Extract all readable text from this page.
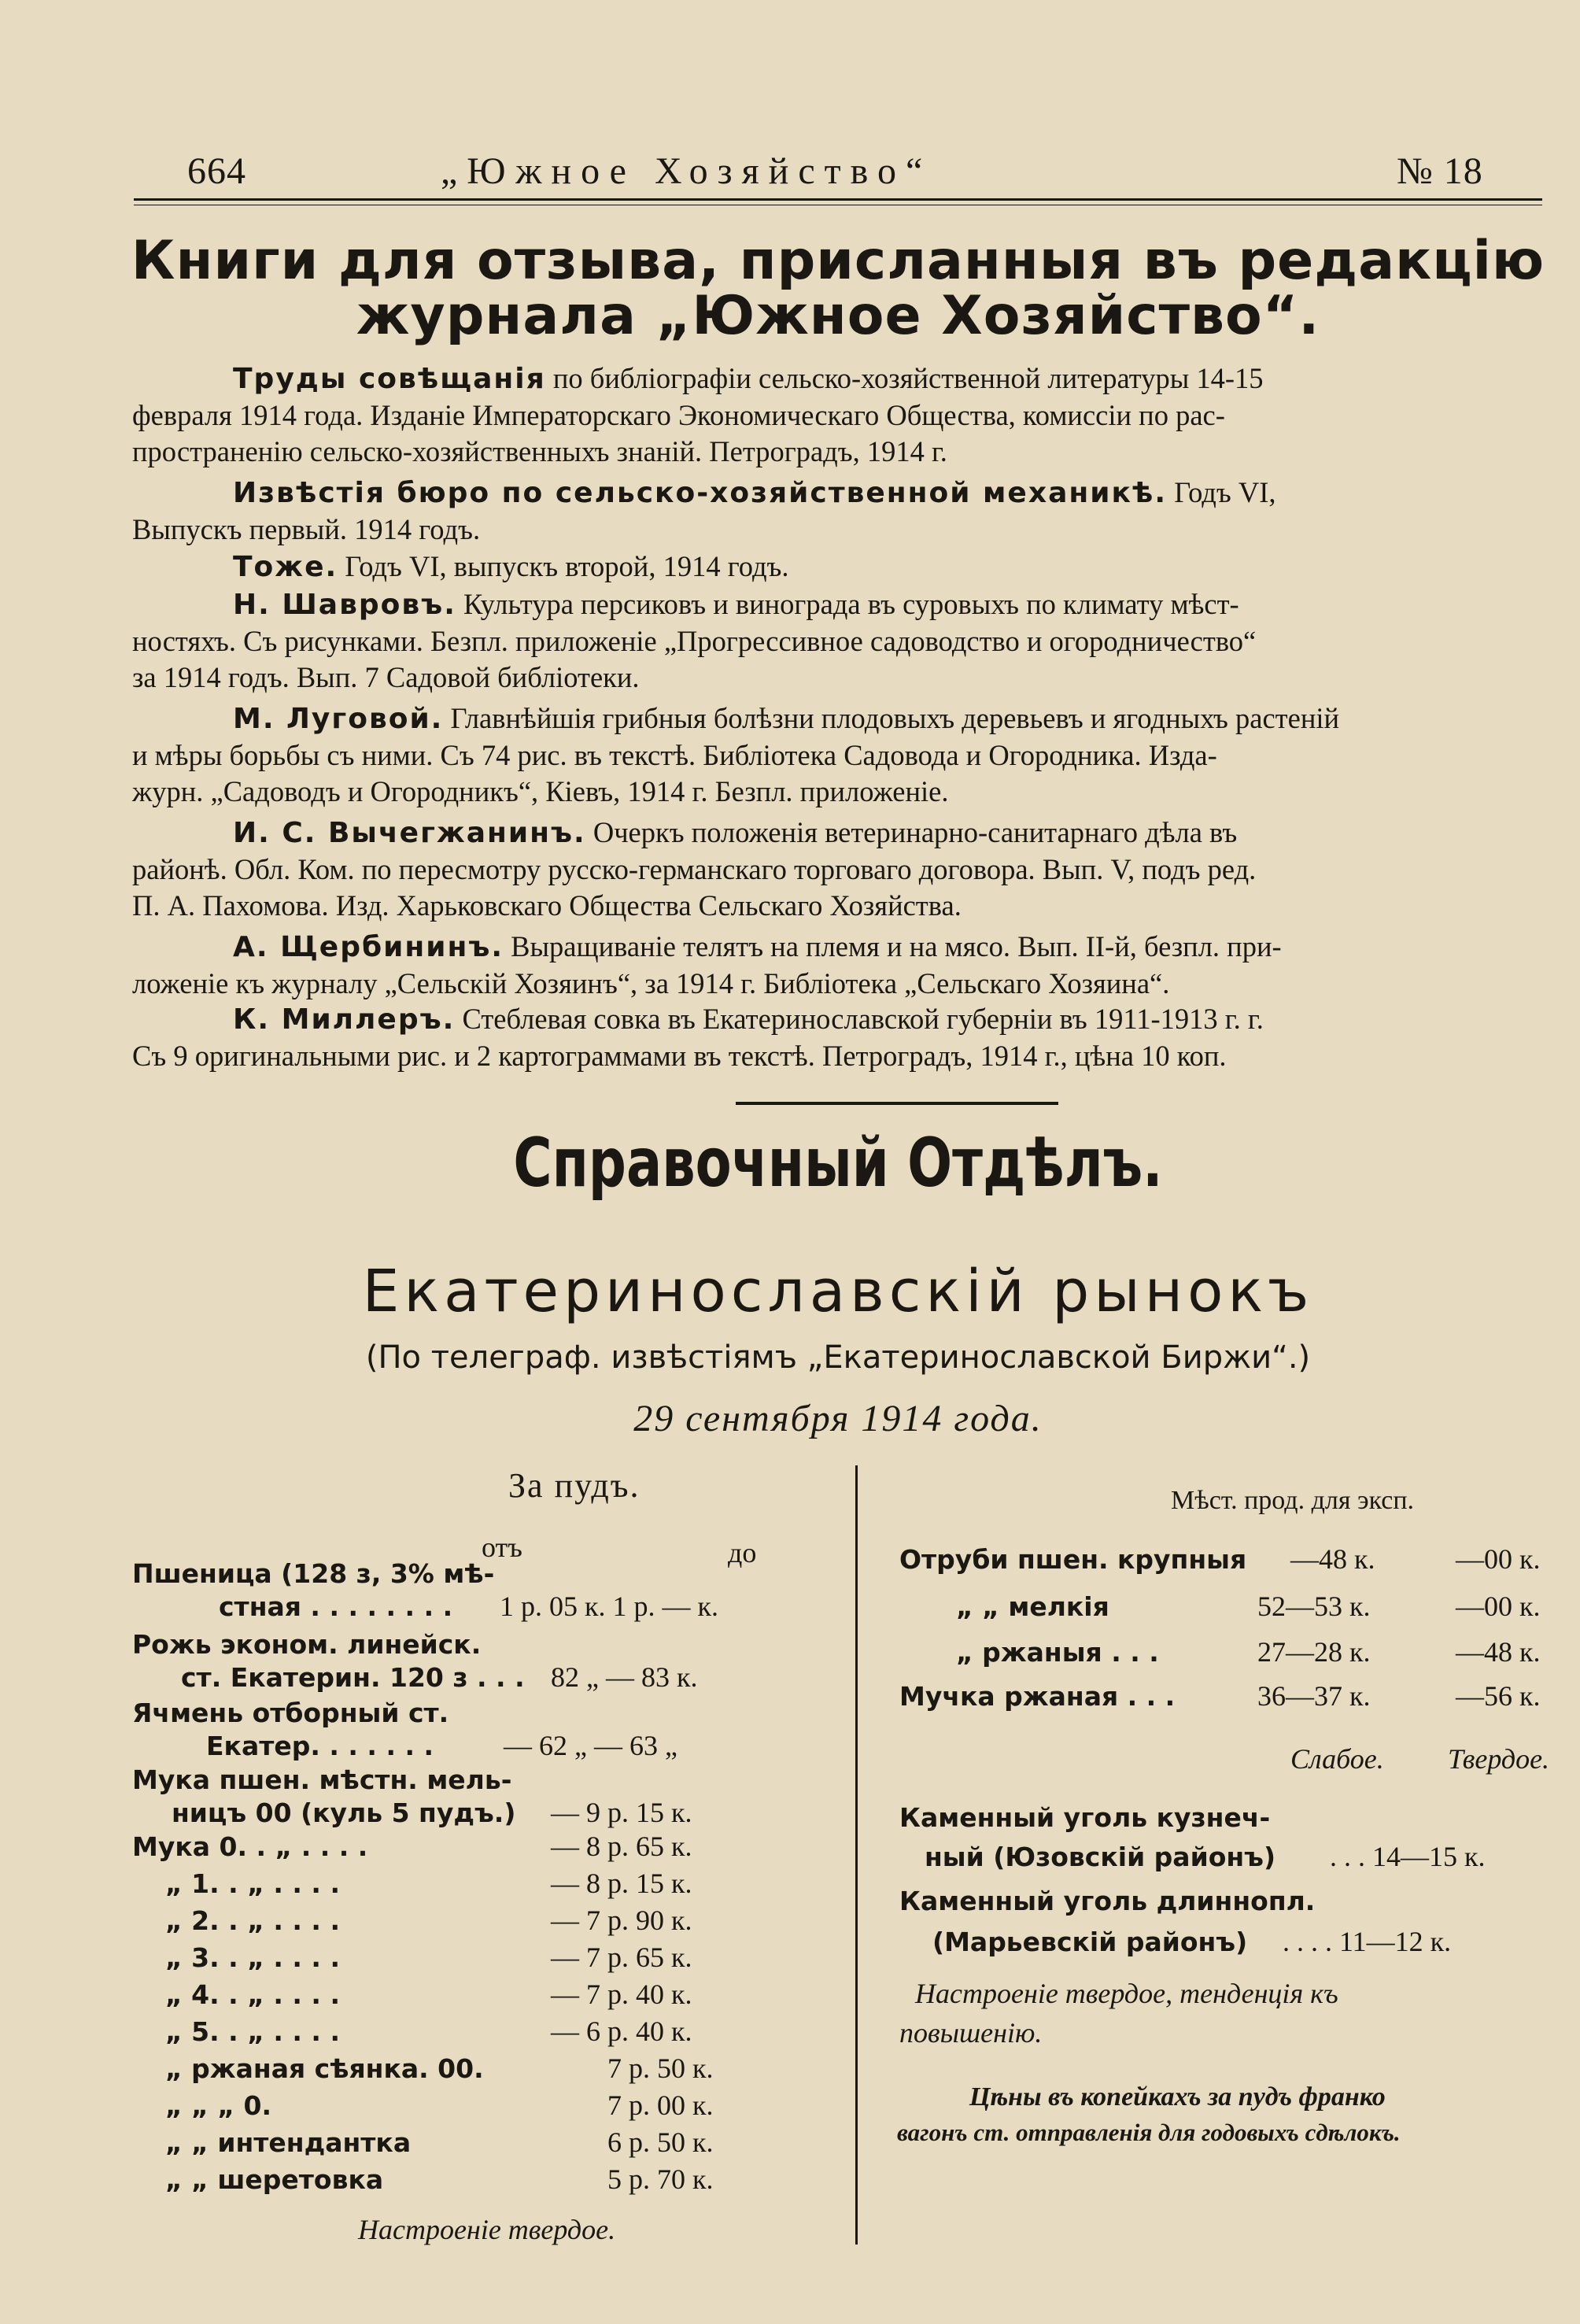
664	„Южное Хозяйство“	№ 18
Книги для отзыва, присланныя въ редакцію
журнала „Южное Хозяйство“.
Труды совѣщанія по библіографіи сельско-хозяйственной литературы 14-15
февраля 1914 года. Изданіе Императорскаго Экономическаго Общества, комиссіи по рас-
пространенію сельско-хозяйственныхъ знаній. Петроградъ, 1914 г.
Извѣстія бюро по сельско-хозяйственной механикѣ. Годъ VI,
Выпускъ первый. 1914 годъ.
Тоже. Годъ VI, выпускъ второй, 1914 годъ.
Н. Шавровъ. Культура персиковъ и винограда въ суровыхъ по климату мѣст-
ностяхъ. Съ рисунками. Безпл. приложеніе „Прогрессивное садоводство и огородничество“
за 1914 годъ. Вып. 7 Садовой библіотеки.
М. Луговой. Главнѣйшія грибныя болѣзни плодовыхъ деревьевъ и ягодныхъ растеній
и мѣры борьбы съ ними. Съ 74 рис. въ текстѣ. Библіотека Садовода и Огородника. Изда-
журн. „Садоводъ и Огородникъ“, Кіевъ, 1914 г. Безпл. приложеніе.
И. С. Вычегжанинъ. Очеркъ положенія ветеринарно-санитарнаго дѣла въ
районѣ. Обл. Ком. по пересмотру русско-германскаго торговаго договора. Вып. V, подъ ред.
П. А. Пахомова. Изд. Харьковскаго Общества Сельскаго Хозяйства.
А. Щербининъ. Выращиваніе телятъ на племя и на мясо. Вып. II-й, безпл. при-
ложеніе къ журналу „Сельскій Хозяинъ“, за 1914 г. Библіотека „Сельскаго Хозяина“.
К. Миллеръ. Стеблевая совка въ Екатеринославской губерніи въ 1911-1913 г. г.
Съ 9 оригинальными рис. и 2 картограммами въ текстѣ. Петроградъ, 1914 г., цѣна 10 коп.
Справочный Отдѣлъ.
Екатеринославскій рынокъ
(По телеграф. извѣстіямъ „Екатеринославской Биржи“.)
29 сентября 1914 года.
За пудъ.
отъ	до
Пшеница (128 з, 3% мѣ-
стная . . . . . . . . 1 р. 05 к. 1 р. — к.
Рожь эконом. линейск.
ст. Екатерин. 120 з . . . 82 „ — 83 к.
Ячмень отборный ст.
Екатер. . . . . . . — 62 „ — 63 „
Мука пшен. мѣстн. мель-
ницъ 00 (куль 5 пудъ.) — 9 р. 15 к.
Мука 0. . „ . . . .	— 8 р. 65 к.
„ 1. . „ . . . .	— 8 р. 15 к.
„ 2. . „ . . . .	— 7 р. 90 к.
„ 3. . „ . . . .	— 7 р. 65 к.
„ 4. . „ . . . .	— 7 р. 40 к.
„ 5. . „ . . . .	— 6 р. 40 к.
„ ржаная сѣянка. 00.	7 р. 50 к.
„ „ „ 0.	7 р. 00 к.
„ „ интендантка	6 р. 50 к.
„ „ шеретовка	5 р. 70 к.
Настроеніе твердое.
Мѣст. прод. для эксп.
Отруби пшен. крупныя —48 к.	—00 к.
„ „ мелкія	52—53 к.	—00 к.
„ ржаныя . . .	27—28 к.	—48 к.
Мучка ржаная . . .	36—37 к.	—56 к.
Слабое. Твердое.
Каменный уголь кузнеч-
ный (Юзовскій районъ) . . . 14—15 к.
Каменный уголь длиннопл.
(Марьевскій районъ) . . . . 11—12 к.
Настроеніе твердое, тенденція къ
повышенію.
Цѣны въ копейкахъ за пудъ франко
вагонъ ст. отправленія для годовыхъ сдѣлокъ.
